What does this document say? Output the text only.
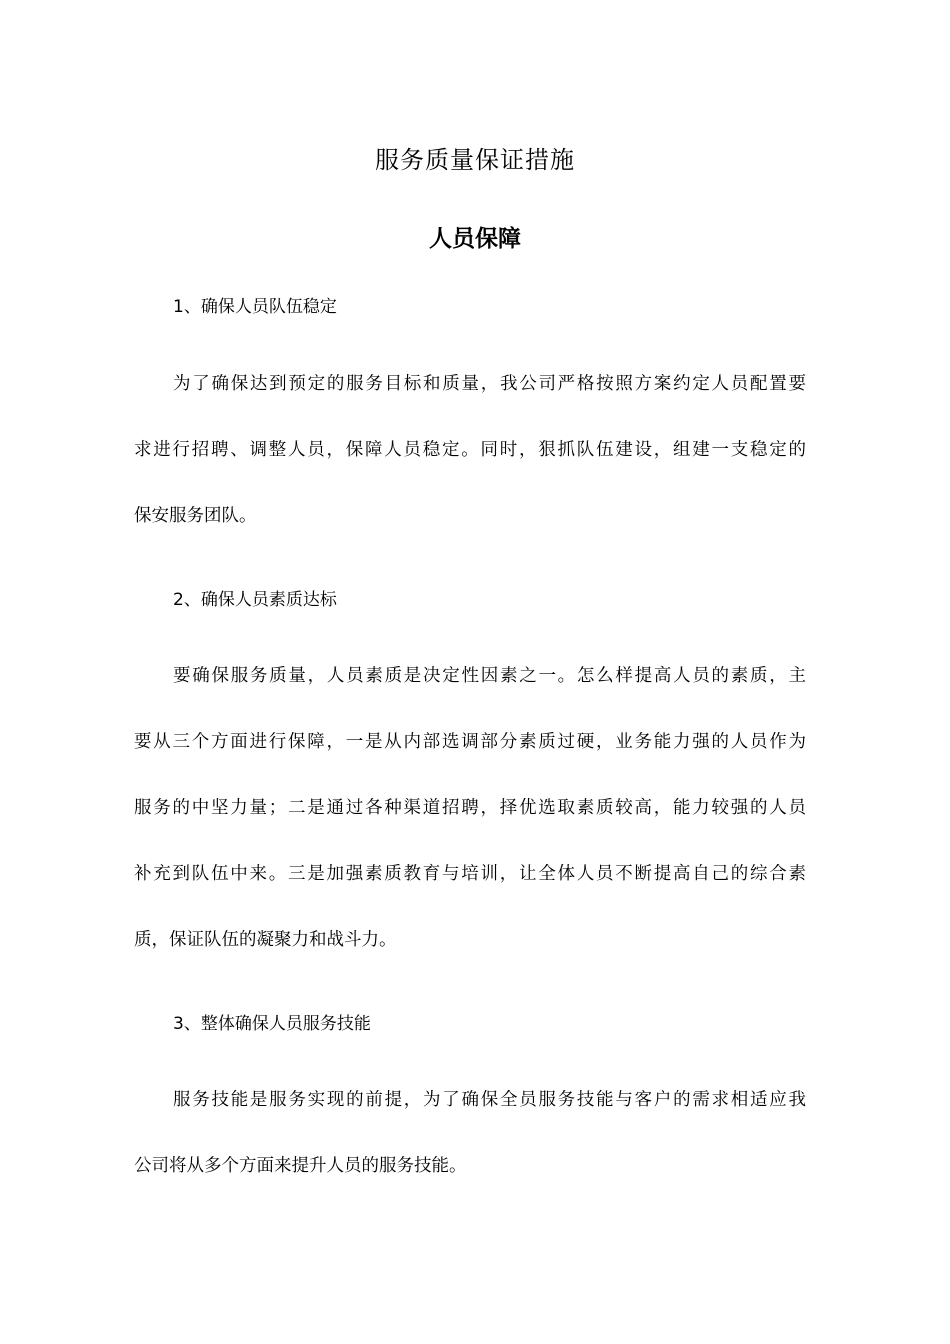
服务质量保证措施
人员保障
1、确保人员队伍稳定
为了确保达到预定的服务目标和质量，我公司严格按照方案约定人员配置要
求进行招聘、调整人员，保障人员稳定。同时，狠抓队伍建设，组建一支稳定的
保安服务团队。
2、确保人员素质达标
要确保服务质量，人员素质是决定性因素之一。怎么样提高人员的素质，主
要从三个方面进行保障，一是从内部选调部分素质过硬，业务能力强的人员作为
服务的中坚力量；二是通过各种渠道招聘，择优选取素质较高，能力较强的人员
补充到队伍中来。三是加强素质教育与培训，让全体人员不断提高自己的综合素
质，保证队伍的凝聚力和战斗力。
3、整体确保人员服务技能
服务技能是服务实现的前提，为了确保全员服务技能与客户的需求相适应我
公司将从多个方面来提升人员的服务技能。
